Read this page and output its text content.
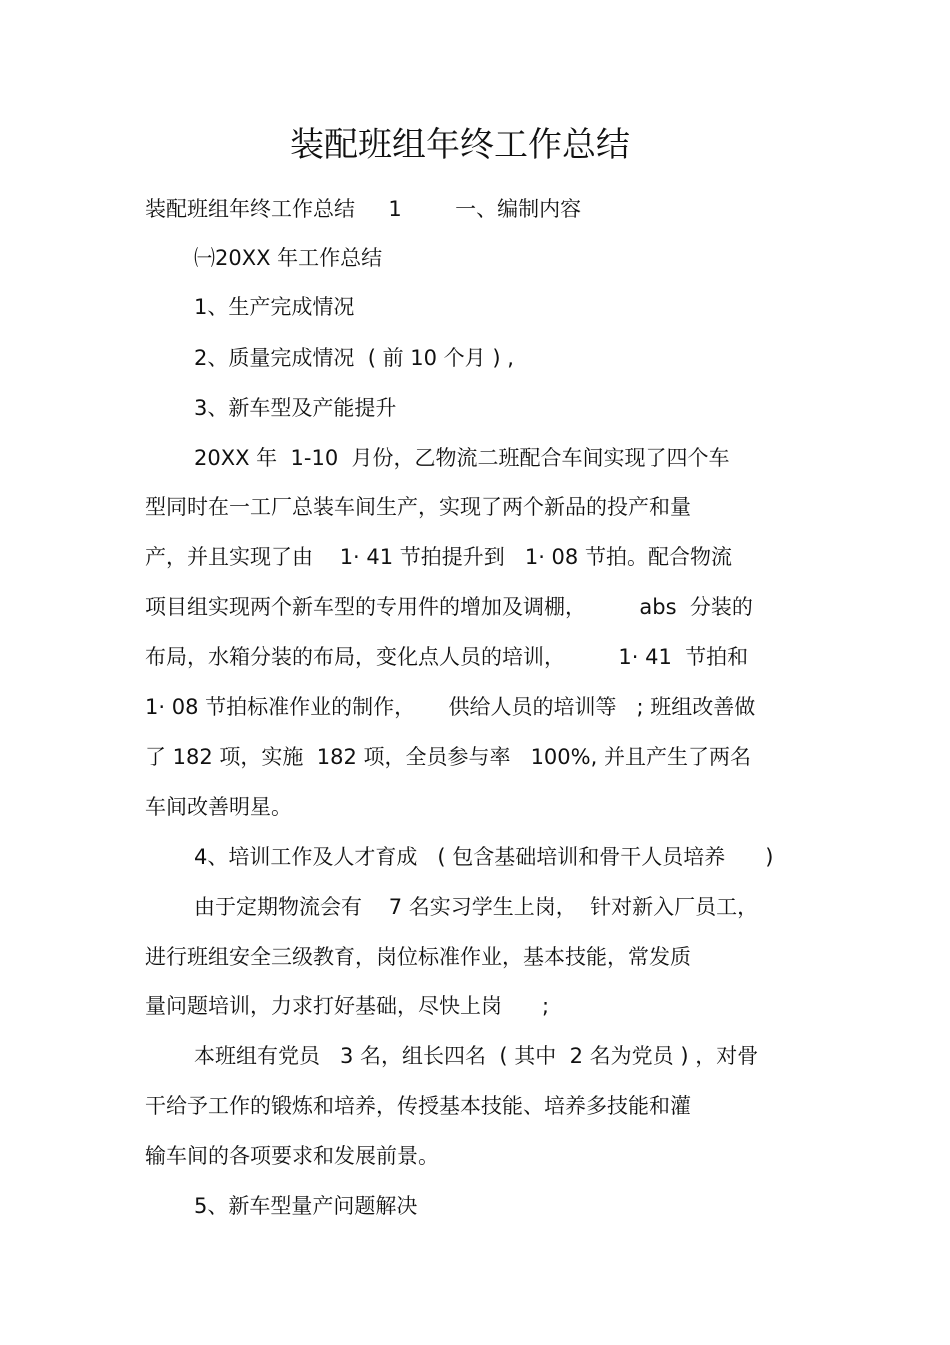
装配班组年终工作总结
装配班组年终工作总结     1        一、编制内容
㈠20XX 年工作总结
1、生产完成情况
2、质量完成情况  ( 前 10 个月 ) ,
3、新车型及产能提升
20XX 年  1-10  月份，乙物流二班配合车间实现了四个车
型同时在一工厂总装车间生产，实现了两个新品的投产和量
产，并且实现了由    1· 41 节拍提升到   1· 08 节拍。配合物流
项目组实现两个新车型的专用件的增加及调棚，        abs  分装的
布局，水箱分装的布局，变化点人员的培训，        1· 41  节拍和
1· 08 节拍标准作业的制作，     供给人员的培训等   ; 班组改善做
了 182 项，实施  182 项，全员参与率   100%, 并且产生了两名
车间改善明星。
4、培训工作及人才育成   ( 包含基础培训和骨干人员培养      )
由于定期物流会有    7 名实习学生上岗，  针对新入厂员工，
进行班组安全三级教育，岗位标准作业，基本技能，常发质
量问题培训，力求打好基础，尽快上岗      ;
本班组有党员   3 名，组长四名  ( 其中  2 名为党员 ) ，对骨
干给予工作的锻炼和培养，传授基本技能、培养多技能和灌
输车间的各项要求和发展前景。
5、新车型量产问题解决
